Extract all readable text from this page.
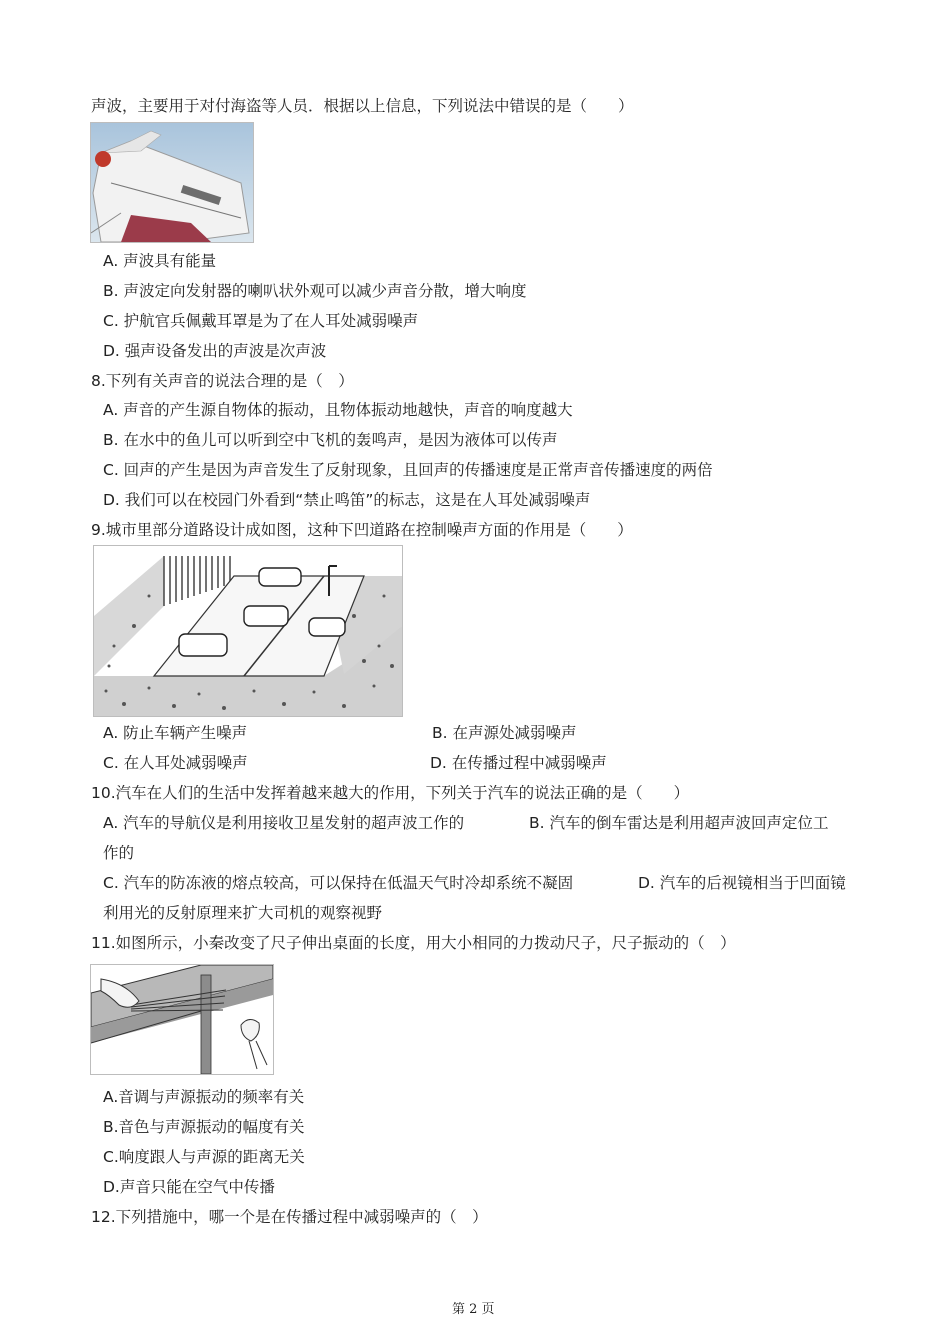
声波，主要用于对付海盗等人员．根据以上信息，下列说法中错误的是（　　）
A. 声波具有能量
B. 声波定向发射器的喇叭状外观可以减少声音分散，增大响度
C. 护航官兵佩戴耳罩是为了在人耳处减弱噪声
D. 强声设备发出的声波是次声波
8.下列有关声音的说法合理的是（　）
A. 声音的产生源自物体的振动，且物体振动地越快，声音的响度越大
B. 在水中的鱼儿可以听到空中飞机的轰鸣声，是因为液体可以传声
C. 回声的产生是因为声音发生了反射现象，且回声的传播速度是正常声音传播速度的两倍
D. 我们可以在校园门外看到“禁止鸣笛”的标志，这是在人耳处减弱噪声
9.城市里部分道路设计成如图，这种下凹道路在控制噪声方面的作用是（　　）
A. 防止车辆产生噪声	B. 在声源处减弱噪声
C. 在人耳处减弱噪声	D. 在传播过程中减弱噪声
10.汽车在人们的生活中发挥着越来越大的作用，下列关于汽车的说法正确的是（　　）
A. 汽车的导航仪是利用接收卫星发射的超声波工作的	B. 汽车的倒车雷达是利用超声波回声定位工
作的
C. 汽车的防冻液的熔点较高，可以保持在低温天气时冷却系统不凝固	D. 汽车的后视镜相当于凹面镜
利用光的反射原理来扩大司机的观察视野
11.如图所示，小秦改变了尺子伸出桌面的长度，用大小相同的力拨动尺子，尺子振动的（　）
A.音调与声源振动的频率有关
B.音色与声源振动的幅度有关
C.响度跟人与声源的距离无关
D.声音只能在空气中传播
12.下列措施中，哪一个是在传播过程中减弱噪声的（　）
第 2 页
